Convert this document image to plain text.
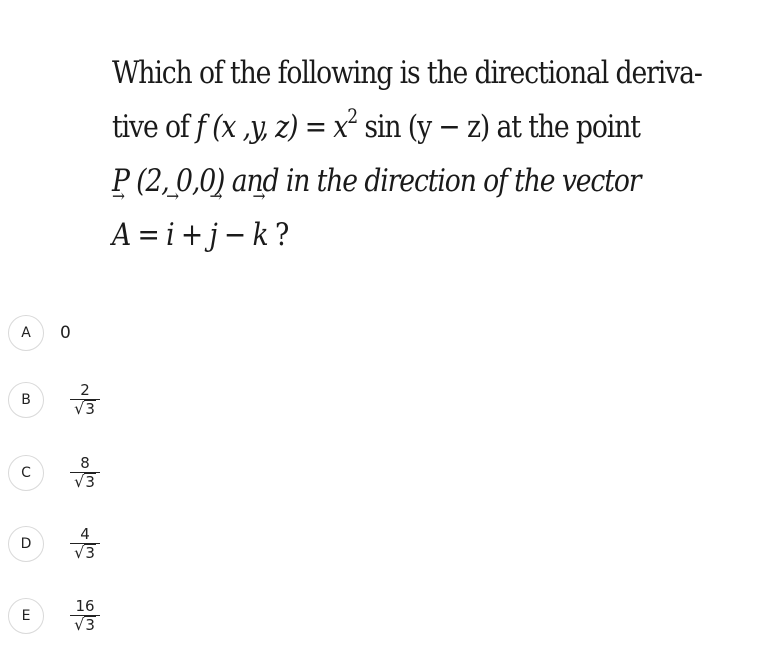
Which of the following is the directional deriva-
tive of f (x ,y, $z) = x^2$ sin (y − z) at the point
P (2, 0,0) and in the direction of the vector
→ A = → i + → j − → k ?
A	0
B	$\frac{2}{√ 3}$
C	$\frac{8}{√ 3}$
D	$\frac{4}{√ 3}$
E	$\frac{16}{√ 3}$
